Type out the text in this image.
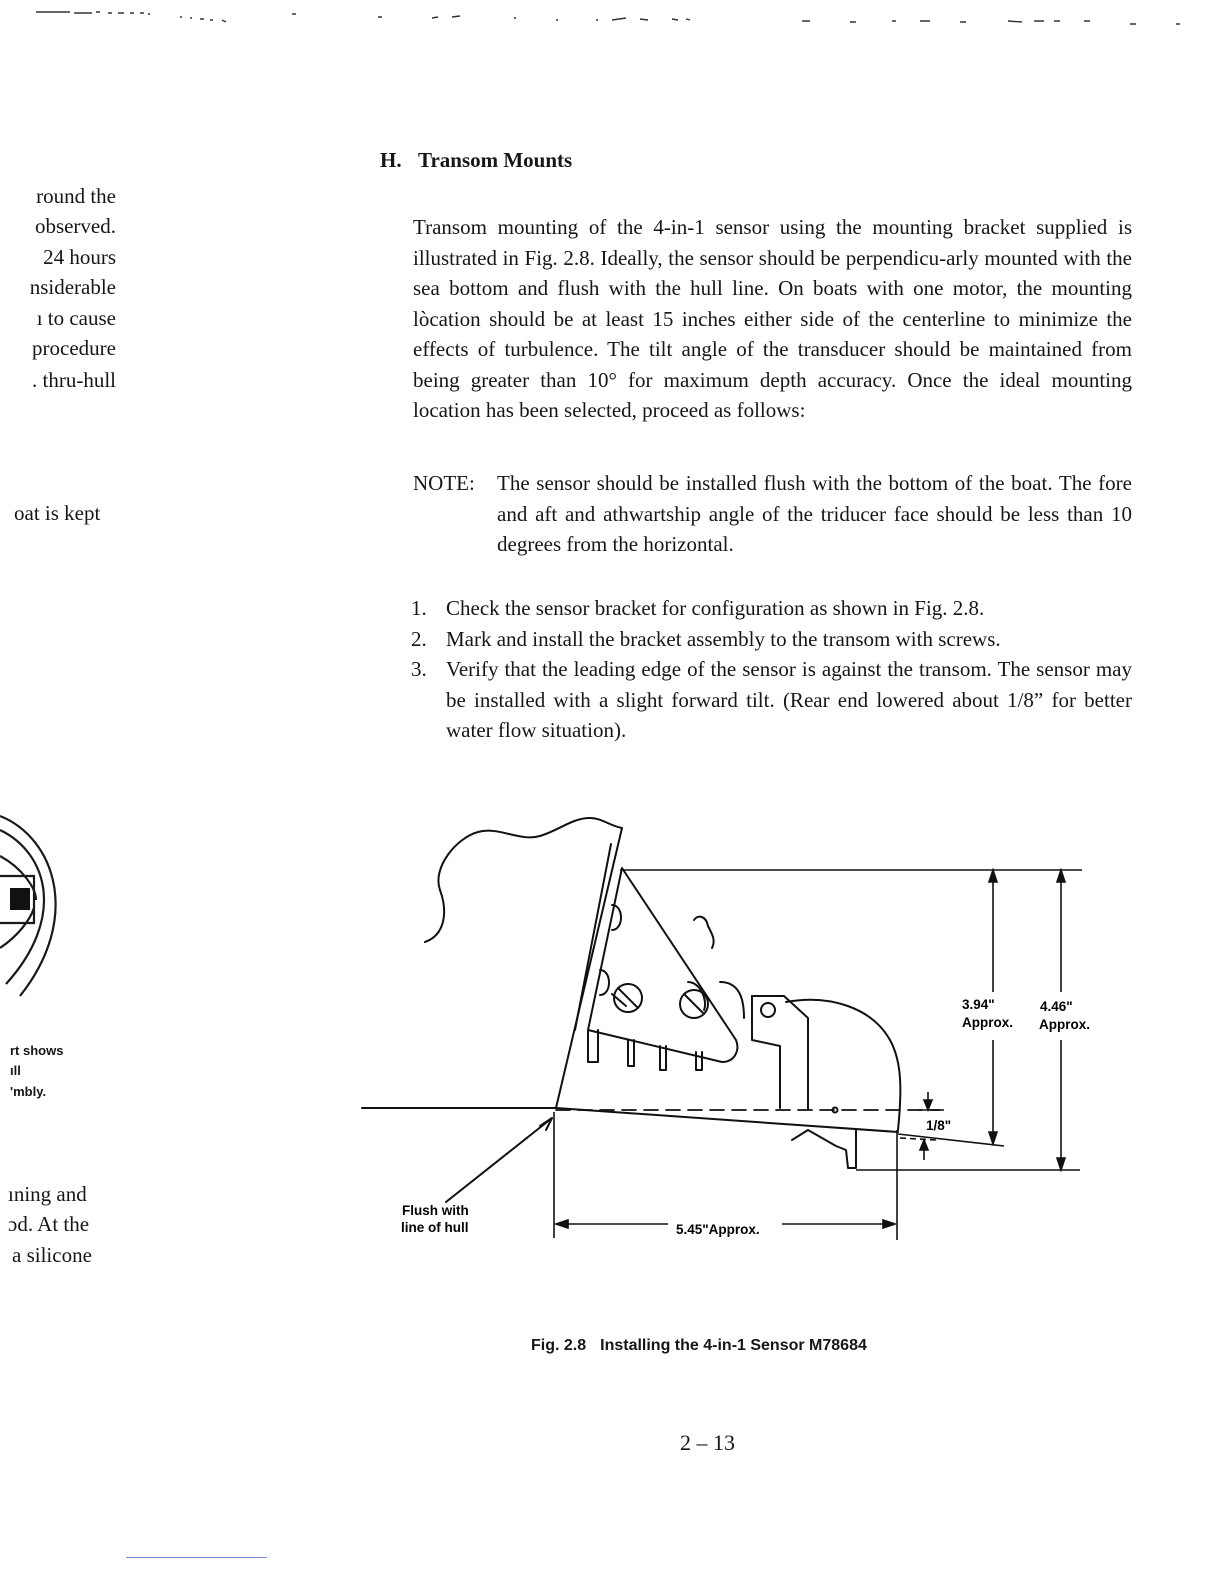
round the
observed.
24 hours
nsiderable
ı to cause
procedure
. thru-hull
oat is kept
rt shows
ıll
'mbly.
ıning and
ɔd. At the
a silicone
H. Transom Mounts
Transom mounting of the 4-in-1 sensor using the mounting bracket supplied is illustrated in Fig. 2.8. Ideally, the sensor should be perpendicu-arly mounted with the sea bottom and flush with the hull line. On boats with one motor, the mounting lòcation should be at least 15 inches either side of the centerline to minimize the effects of turbulence. The tilt angle of the transducer should be maintained from being greater than 10° for maximum depth accuracy. Once the ideal mounting location has been selected, proceed as follows:
NOTE: The sensor should be installed flush with the bottom of the boat. The fore and aft and athwartship angle of the triducer face should be less than 10 degrees from the horizontal.
1. Check the sensor bracket for configuration as shown in Fig. 2.8.
2. Mark and install the bracket assembly to the transom with screws.
3. Verify that the leading edge of the sensor is against the transom. The sensor may be installed with a slight forward tilt. (Rear end lowered about 1/8” for better water flow situation).
3.94"
Approx.
4.46"
Approx.
1/8"
5.45"Approx.
Flush with
line of hull
Fig. 2.8 Installing the 4-in-1 Sensor M78684
2 – 13
